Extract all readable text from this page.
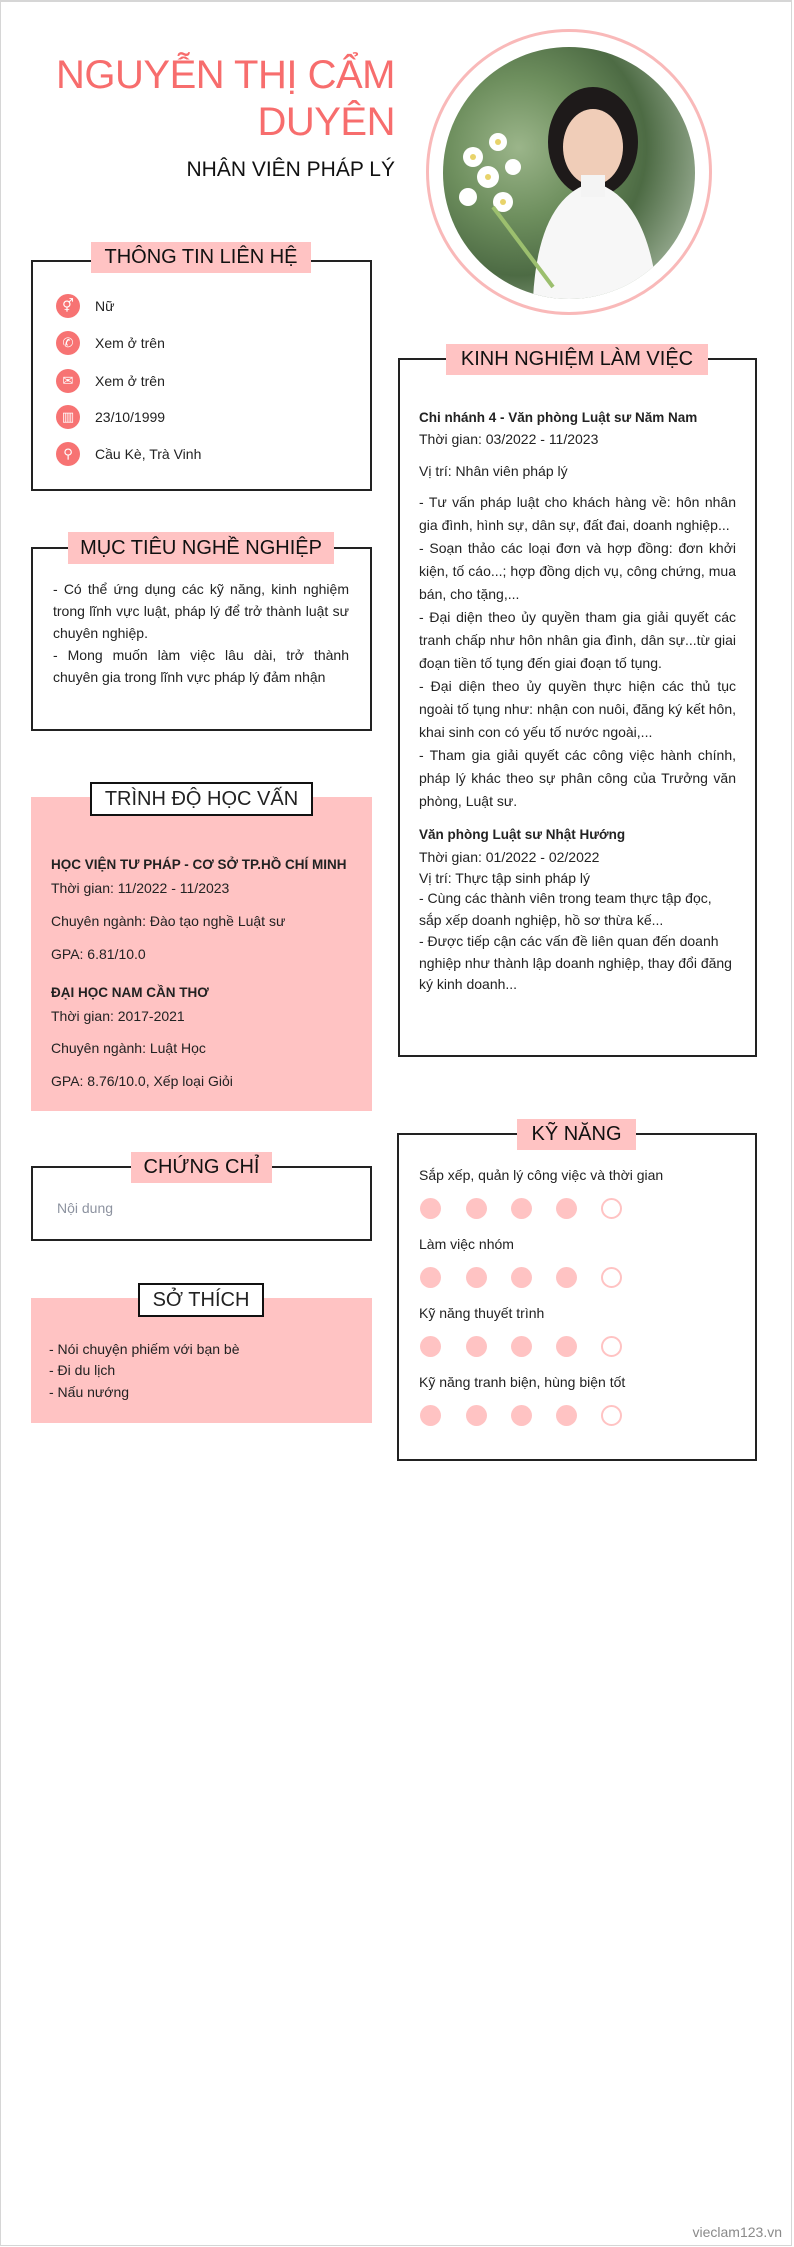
NGUYỄN THỊ CẨM DUYÊN
NHÂN VIÊN PHÁP LÝ
THÔNG TIN LIÊN HỆ
⚥	Nữ
✆	Xem ở trên
✉	Xem ở trên
▥	23/10/1999
⚲	Cầu Kè, Trà Vinh
MỤC TIÊU NGHỀ NGHIỆP
- Có thể ứng dụng các kỹ năng, kinh nghiệm trong lĩnh vực luật, pháp lý để trở thành luật sư chuyên nghiệp.
- Mong muốn làm việc lâu dài, trở thành chuyên gia trong lĩnh vực pháp lý đảm nhận
TRÌNH ĐỘ HỌC VẤN
HỌC VIỆN TƯ PHÁP - CƠ SỞ TP.HỒ CHÍ MINH
Thời gian: 11/2022 - 11/2023
Chuyên ngành: Đào tạo nghề Luật sư
GPA: 6.81/10.0
ĐẠI HỌC NAM CẦN THƠ
Thời gian: 2017-2021
Chuyên ngành: Luật Học
GPA: 8.76/10.0, Xếp loại Giỏi
CHỨNG CHỈ
Nội dung
SỞ THÍCH
- Nói chuyện phiếm với bạn bè
- Đi du lịch
- Nấu nướng
KINH NGHIỆM LÀM VIỆC
Chi nhánh 4 - Văn phòng Luật sư Năm Nam
Thời gian: 03/2022 - 11/2023
Vị trí: Nhân viên pháp lý
- Tư vấn pháp luật cho khách hàng về: hôn nhân gia đình, hình sự, dân sự, đất đai, doanh nghiệp...
- Soạn thảo các loại đơn và hợp đồng: đơn khởi kiện, tố cáo...; hợp đồng dịch vụ, công chứng, mua bán, cho tặng,...
- Đại diện theo ủy quyền tham gia giải quyết các tranh chấp như hôn nhân gia đình, dân sự...từ giai đoạn tiền tố tụng đến giai đoạn tố tụng.
- Đại diện theo ủy quyền thực hiện các thủ tục ngoài tố tụng như: nhận con nuôi, đăng ký kết hôn, khai sinh con có yếu tố nước ngoài,...
- Tham gia giải quyết các công việc hành chính, pháp lý khác theo sự phân công của Trưởng văn phòng, Luật sư.
Văn phòng Luật sư Nhật Hướng
Thời gian: 01/2022 - 02/2022
Vị trí: Thực tập sinh pháp lý
- Cùng các thành viên trong team thực tập đọc, sắp xếp doanh nghiệp, hồ sơ thừa kế...
- Được tiếp cận các vấn đề liên quan đến doanh nghiệp như thành lập doanh nghiệp, thay đổi đăng ký kinh doanh...
KỸ NĂNG
Sắp xếp, quản lý công việc và thời gian
Làm việc nhóm
Kỹ năng thuyết trình
Kỹ năng tranh biện, hùng biện tốt
vieclam123.vn
